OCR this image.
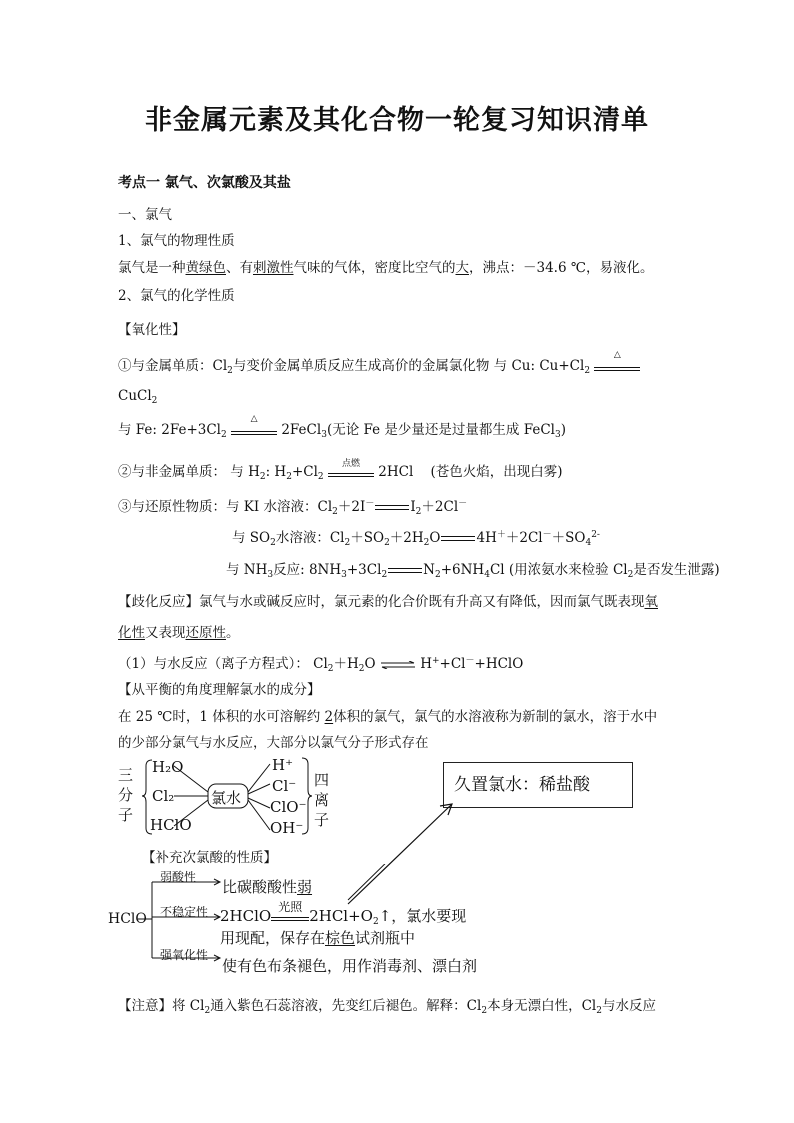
非金属元素及其化合物一轮复习知识清单
考点一 氯气、次氯酸及其盐
一、氯气
1、氯气的物理性质
氯气是一种黄绿色、有刺激性气味的气体，密度比空气的大，沸点：－34.6 ℃，易液化。
2、氯气的化学性质
【氧化性】
①与金属单质：$Cl_2$与变价金属单质反应生成高价的金属氯化物 与 Cu: $Cu+Cl_2$
△
CuCl$_2$
与 Fe: $2Fe+3Cl_2$
△
2FeCl$_3$(无论 Fe 是少量还是过量都生成 FeCl$_3$)
②与非金属单质： 与 $H_2$: $H_2+Cl_2$
点燃
2HCl (苍色火焰，出现白雾)
③与还原性物质：与 KI 水溶液：$Cl_2+2I^-$	$I_2+2Cl^-$
与 $SO_2$水溶液：$Cl_2+SO_2+2H_2O$	$4H^++2Cl^-+SO_4^{2-}$
与 $NH_3$反应: $8NH_3+3Cl_2$	$N_2+6NH_4Cl$ (用浓氨水来检验 $Cl_2$是否发生泄露)
【歧化反应】氯气与水或碱反应时，氯元素的化合价既有升高又有降低，因而氯气既表现氧
化性又表现还原性。
（1）与水反应（离子方程式）： $Cl_2+H_2O$ ⇌ H++Cl－+HClO
【从平衡的角度理解氯水的成分】
在 25 ℃时，1 体积的水可溶解约 2体积的氯气，氯气的水溶液称为新制的氯水，溶于水中
的少部分氯气与水反应，大部分以氯气分子形式存在
三
分
子
H₂O
Cl₂
HClO
氯水
H⁺
Cl⁻
ClO⁻
OH⁻
四
离
子
久置氯水：稀盐酸
【补充次氯酸的性质】
HClO
弱酸性
比碳酸酸性弱
不稳定性 2HClO 光照 $2HCl+O_2↑$，氯水要现
用现配，保存在棕色试剂瓶中
强氧化性
使有色布条褪色，用作消毒剂、漂白剂
【注意】将 $Cl_2$通入紫色石蕊溶液，先变红后褪色。解释：$Cl_2$本身无漂白性，$Cl_2$与水反应
